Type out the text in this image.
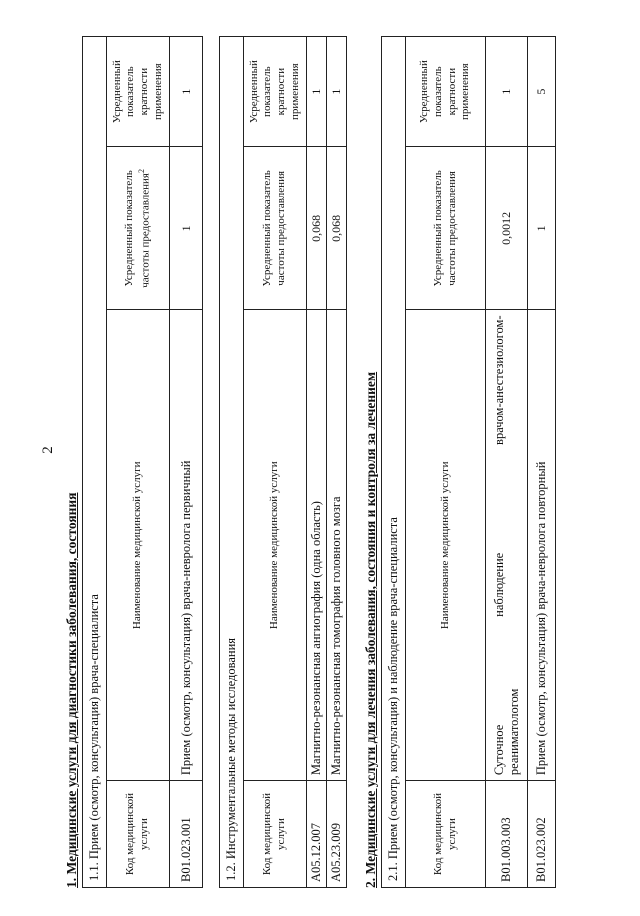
2
1. Медицинские услуги для диагностики заболевания, состояния 1.1. Прием (осмотр, консультация) врача-специалиста			
Код медицинской услуги	Наименование медицинской услуги	Усредненный показатель частоты предоставления$^2$	Усредненный показатель кратности применения
B01.023.001	Прием (осмотр, консультация) врача-невролога первичный	1	1
1.2. Инструментальные методы исследования			
Код медицинской услуги	Наименование медицинской услуги	Усредненный показатель частоты предоставления	Усредненный показатель кратности применения
A05.12.007	Магнитно-резонансная ангиография (одна область)	0,068	1
A05.23.009	Магнитно-резонансная томография головного мозга	0,068	1
2. Медицинские услуги для лечения заболевания, состояния и контроля за лечением 2.1. Прием (осмотр, консультация) и наблюдение врача-специалиста			
Код медицинской услуги	Наименование медицинской услуги	Усредненный показатель частоты предоставления	Усредненный показатель кратности применения
B01.003.003	Суточное
наблюдение
врачом-анестезиологом-
реаниматологом	0,0012	1
B01.023.002	Прием (осмотр, консультация) врача-невролога повторный	1	5
